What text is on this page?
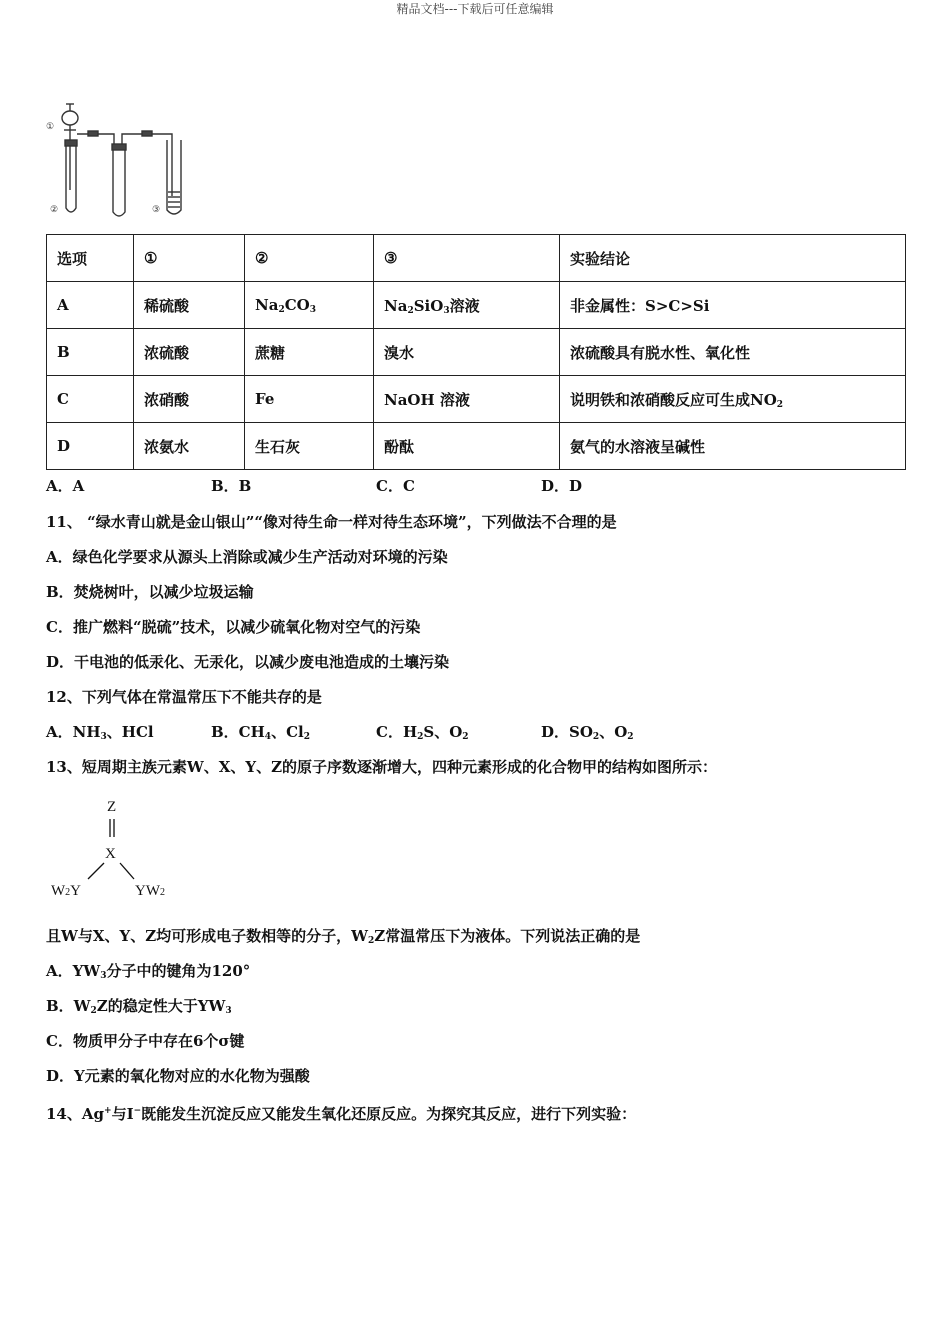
精品文档---下载后可任意编辑
①
②	③
选项	①	②	③	实验结论
A	稀硫酸	$Na_2CO_3$	$Na_2SiO_3$溶液	非金属性：S>C>Si
B	浓硫酸	蔗糖	溴水	浓硫酸具有脱水性、氧化性
C	浓硝酸	Fe	NaOH 溶液	说明铁和浓硝酸反应可生成$NO_2$
D	浓氨水	生石灰	酚酞	氨气的水溶液呈碱性
A．A	B．B	C．C	D．D
11、 “绿水青山就是金山银山”“像对待生命一样对待生态环境”，下列做法不合理的是
A．绿色化学要求从源头上消除或减少生产活动对环境的污染
B．焚烧树叶，以减少垃圾运输
C．推广燃料“脱硫”技术，以减少硫氧化物对空气的污染
D．干电池的低汞化、无汞化，以减少废电池造成的土壤污染
12、下列气体在常温常压下不能共存的是
A．$NH_3$、HCl	B．$CH_4$、$Cl_2$	C．$H_2S$、$O_2$	D．$SO_2$、$O_2$
13、短周期主族元素W、X、Y、Z的原子序数逐渐增大，四种元素形成的化合物甲的结构如图所示：
Z
X
W2Y	YW2
且W与X、Y、Z均可形成电子数相等的分子，$W_2Z$常温常压下为液体。下列说法正确的是
A．$YW_3$分子中的键角为120°
B．$W_2Z$的稳定性大于$YW_3$
C．物质甲分子中存在6个σ键
D．Y元素的氧化物对应的水化物为强酸
14、Ag+与I−既能发生沉淀反应又能发生氧化还原反应。为探究其反应，进行下列实验：
